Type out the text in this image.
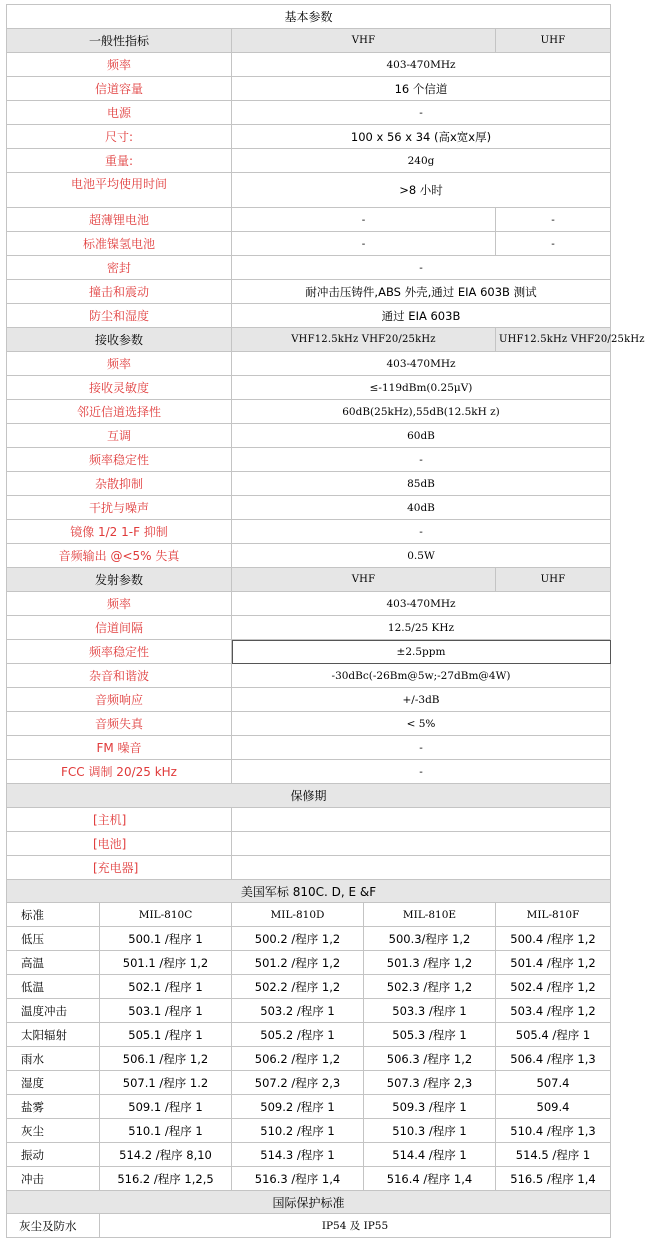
基本参数				
一般性指标		VHF		UHF
频率		403-470MHz		
信道容量		16 个信道		
电源		-		
尺寸:		100 x 56 x 34 (高x宽x厚)		
重量:		240g		
电池平均使用时间		>8 小时		
超薄锂电池		-		-
标准镍氢电池		-		-
密封		-		
撞击和震动		耐冲击压铸件,ABS 外壳,通过 EIA 603B 测试		
防尘和湿度		通过 EIA 603B		
接收参数		VHF12.5kHz VHF20/25kHz		UHF12.5kHz VHF20/25kHz
频率		403-470MHz		
接收灵敏度		≤-119dBm(0.25μV)		
邻近信道选择性		60dB(25kHz),55dB(12.5kH z)		
互调		60dB		
频率稳定性		-		
杂散抑制		85dB		
干扰与噪声		40dB		
镜像 1/2 1-F 抑制		-		
音频输出 @<5% 失真		0.5W		
发射参数		VHF		UHF
频率		403-470MHz		
信道间隔		12.5/25 KHz		
频率稳定性		±2.5ppm		
杂音和谐波		-30dBc(-26Bm@5w;-27dBm@4W)		
音频响应		+/-3dB		
音频失真		< 5%		
FM 噪音		-		
FCC 调制 20/25 kHz		-		
保修期				
[主机]				
[电池]				
[充电器]				
美国军标 810C. D, E &F				
标准	MIL-810C	MIL-810D	MIL-810E	MIL-810F
低压	500.1 /程序 1	500.2 /程序 1,2	500.3/程序 1,2	500.4 /程序 1,2
高温	501.1 /程序 1,2	501.2 /程序 1,2	501.3 /程序 1,2	501.4 /程序 1,2
低温	502.1 /程序 1	502.2 /程序 1,2	502.3 /程序 1,2	502.4 /程序 1,2
温度冲击	503.1 /程序 1	503.2 /程序 1	503.3 /程序 1	503.4 /程序 1,2
太阳辐射	505.1 /程序 1	505.2 /程序 1	505.3 /程序 1	505.4 /程序 1
雨水	506.1 /程序 1,2	506.2 /程序 1,2	506.3 /程序 1,2	506.4 /程序 1,3
湿度	507.1 /程序 1.2	507.2 /程序 2,3	507.3 /程序 2,3	507.4
盐雾	509.1 /程序 1	509.2 /程序 1	509.3 /程序 1	509.4
灰尘	510.1 /程序 1	510.2 /程序 1	510.3 /程序 1	510.4 /程序 1,3
振动	514.2 /程序 8,10	514.3 /程序 1	514.4 /程序 1	514.5 /程序 1
冲击	516.2 /程序 1,2,5	516.3 /程序 1,4	516.4 /程序 1,4	516.5 /程序 1,4
国际保护标准				
灰尘及防水	IP54 及 IP55			
